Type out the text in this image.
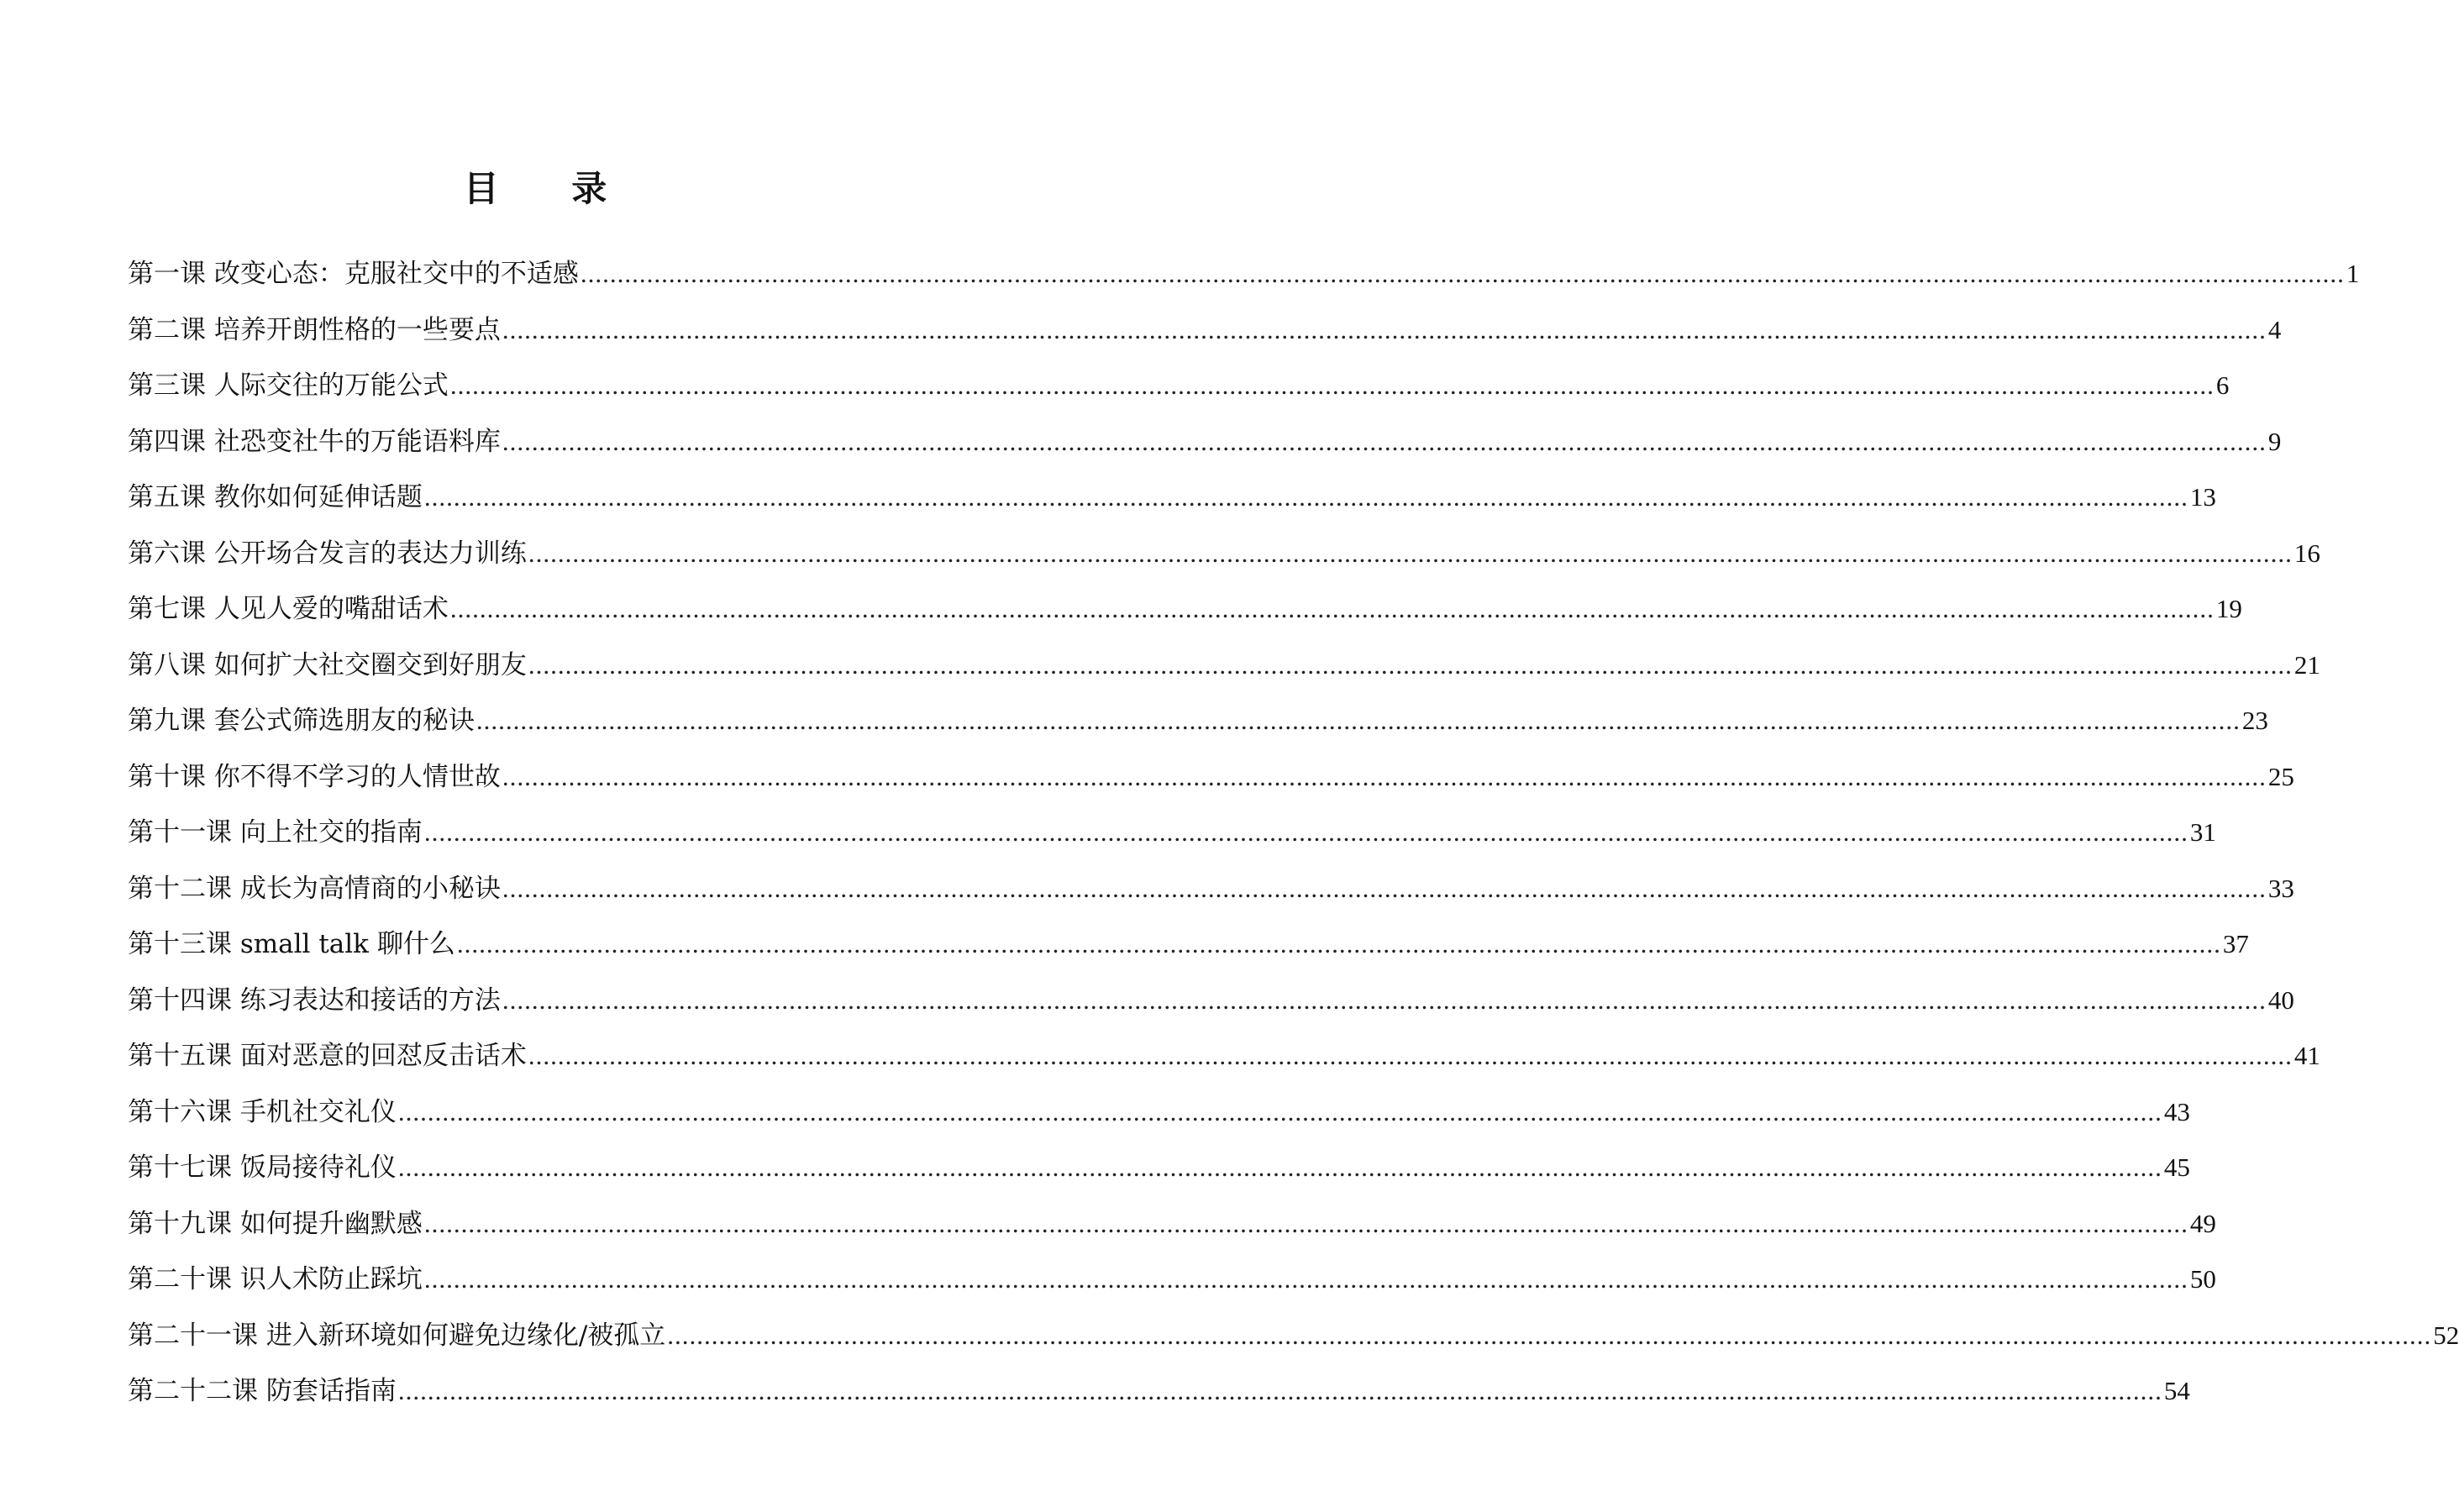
目 录
第一课 改变心态：克服社交中的不适感 ................................................................................................................................................................................................................................................ 1
第二课 培养开朗性格的一些要点 ................................................................................................................................................................................................................................................ 4
第三课 人际交往的万能公式 ................................................................................................................................................................................................................................................ 6
第四课 社恐变社牛的万能语料库 ................................................................................................................................................................................................................................................ 9
第五课 教你如何延伸话题 ................................................................................................................................................................................................................................................ 13
第六课 公开场合发言的表达力训练 ................................................................................................................................................................................................................................................ 16
第七课 人见人爱的嘴甜话术 ................................................................................................................................................................................................................................................ 19
第八课 如何扩大社交圈交到好朋友 ................................................................................................................................................................................................................................................ 21
第九课 套公式筛选朋友的秘诀 ................................................................................................................................................................................................................................................ 23
第十课 你不得不学习的人情世故 ................................................................................................................................................................................................................................................ 25
第十一课 向上社交的指南 ................................................................................................................................................................................................................................................ 31
第十二课 成长为高情商的小秘诀 ................................................................................................................................................................................................................................................ 33
第十三课 small talk 聊什么 ................................................................................................................................................................................................................................................ 37
第十四课 练习表达和接话的方法 ................................................................................................................................................................................................................................................ 40
第十五课 面对恶意的回怼反击话术 ................................................................................................................................................................................................................................................ 41
第十六课 手机社交礼仪 ................................................................................................................................................................................................................................................ 43
第十七课 饭局接待礼仪 ................................................................................................................................................................................................................................................ 45
第十九课 如何提升幽默感 ................................................................................................................................................................................................................................................ 49
第二十课 识人术防止踩坑 ................................................................................................................................................................................................................................................ 50
第二十一课 进入新环境如何避免边缘化/被孤立 ................................................................................................................................................................................................................................................ 52
第二十二课 防套话指南 ................................................................................................................................................................................................................................................ 54
